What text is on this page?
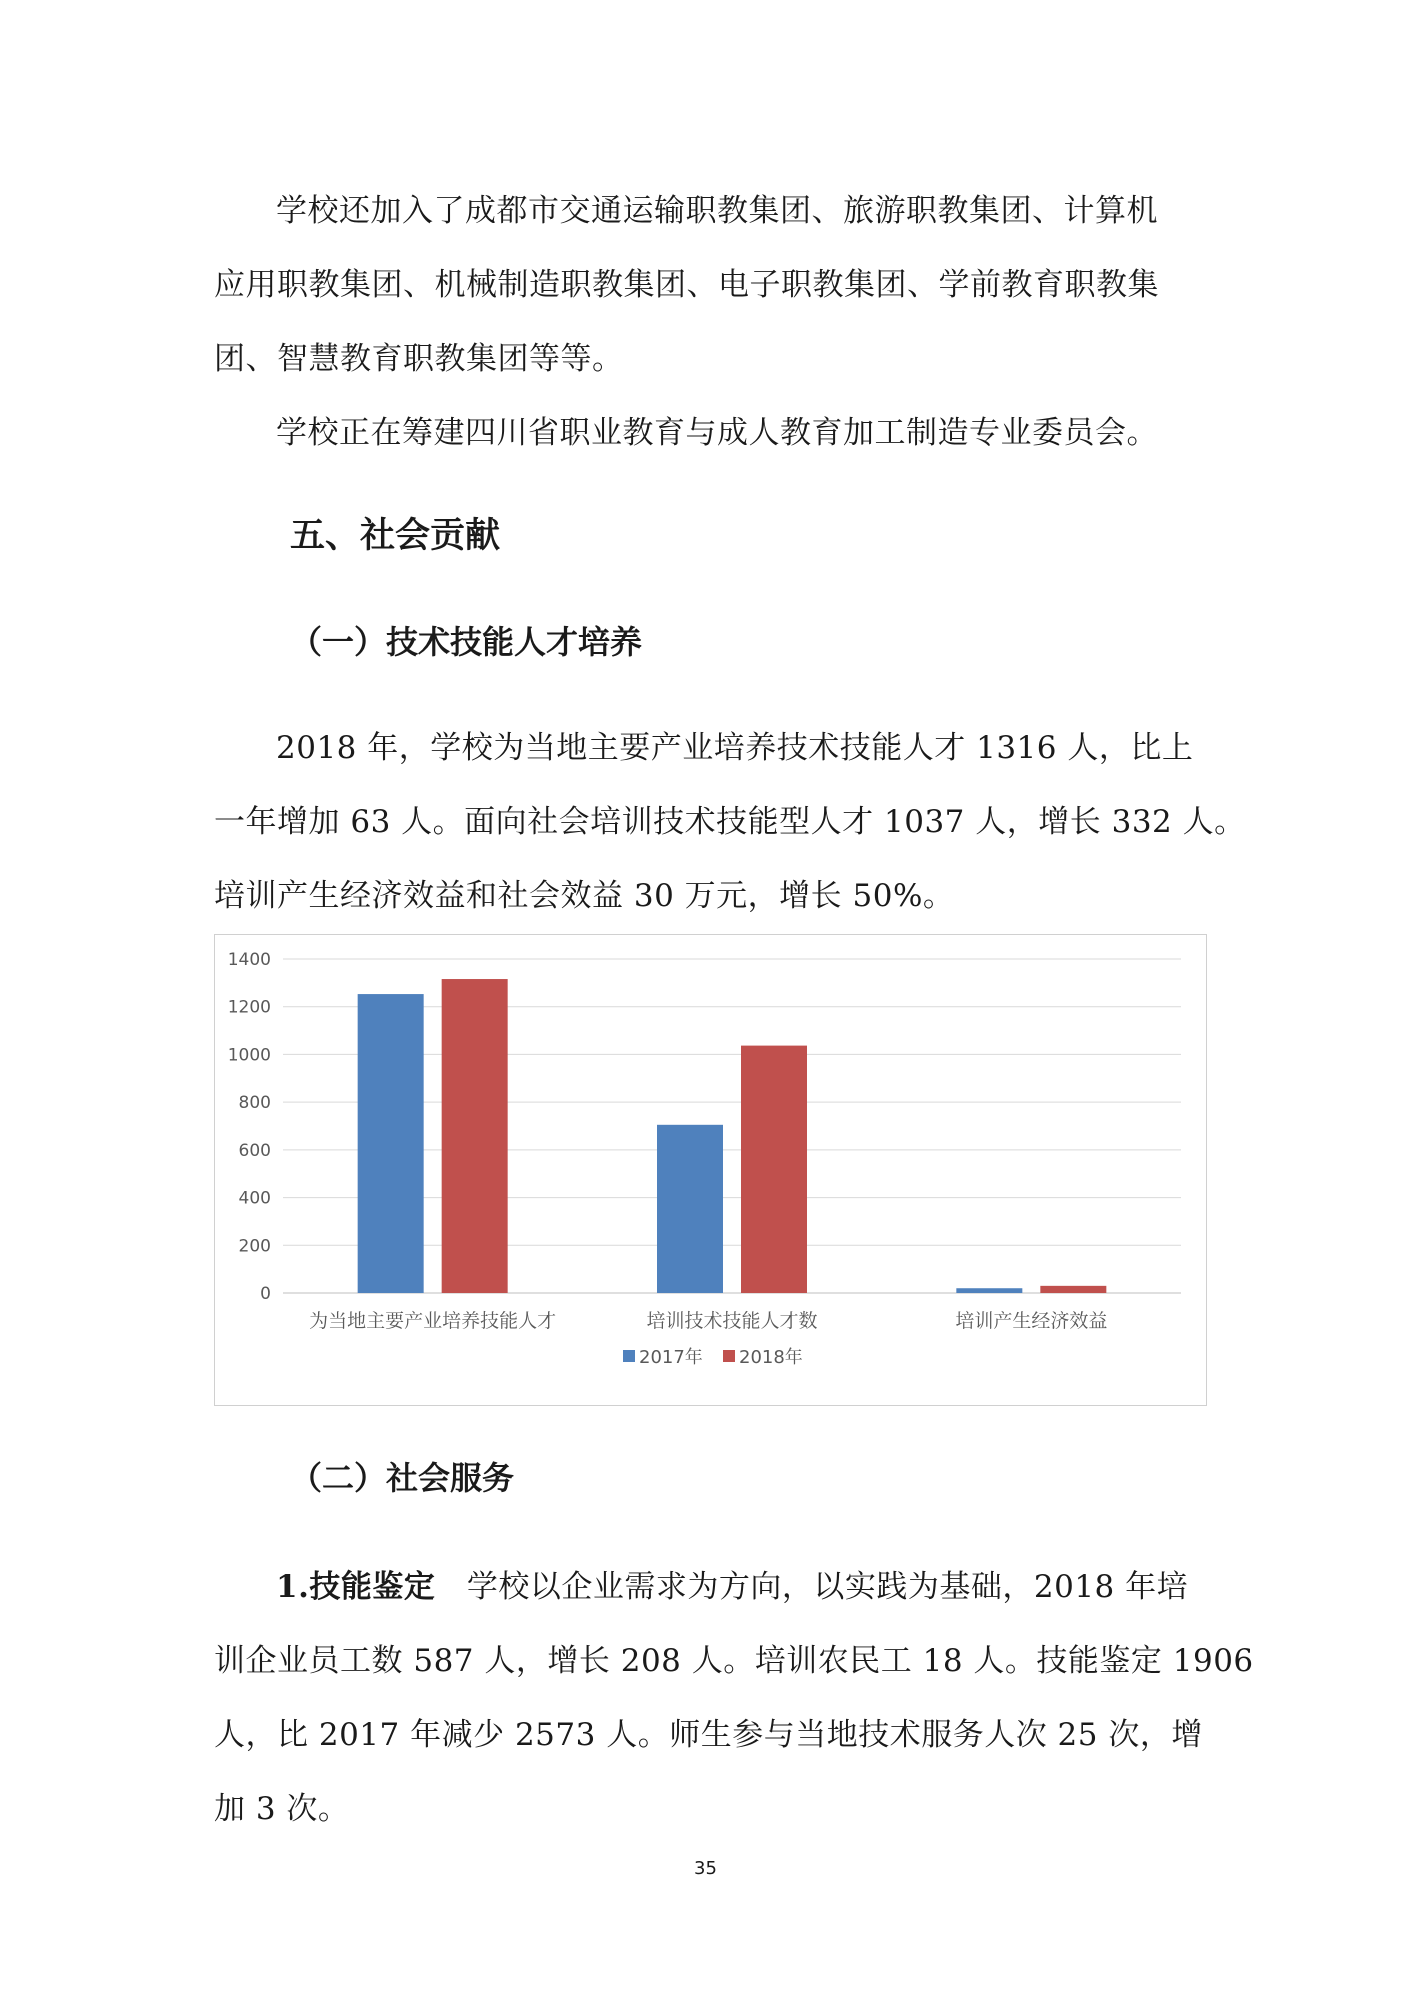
学校还加入了成都市交通运输职教集团、旅游职教集团、计算机
应用职教集团、机械制造职教集团、电子职教集团、学前教育职教集
团、智慧教育职教集团等等。
学校正在筹建四川省职业教育与成人教育加工制造专业委员会。
五、社会贡献
（一）技术技能人才培养
2018 年，学校为当地主要产业培养技术技能人才 1316 人，比上
一年增加 63 人。面向社会培训技术技能型人才 1037 人，增长 332 人。
培训产生经济效益和社会效益 30 万元，增长 50%。
0
200
400
600
800
1000
1200
1400
为当地主要产业培养技能人才	培训技术技能人才数	培训产生经济效益
2017年 2018年
（二）社会服务
1.技能鉴定　学校以企业需求为方向，以实践为基础，2018 年培
训企业员工数 587 人，增长 208 人。培训农民工 18 人。技能鉴定 1906
人，比 2017 年减少 2573 人。师生参与当地技术服务人次 25 次，增
加 3 次。
35
